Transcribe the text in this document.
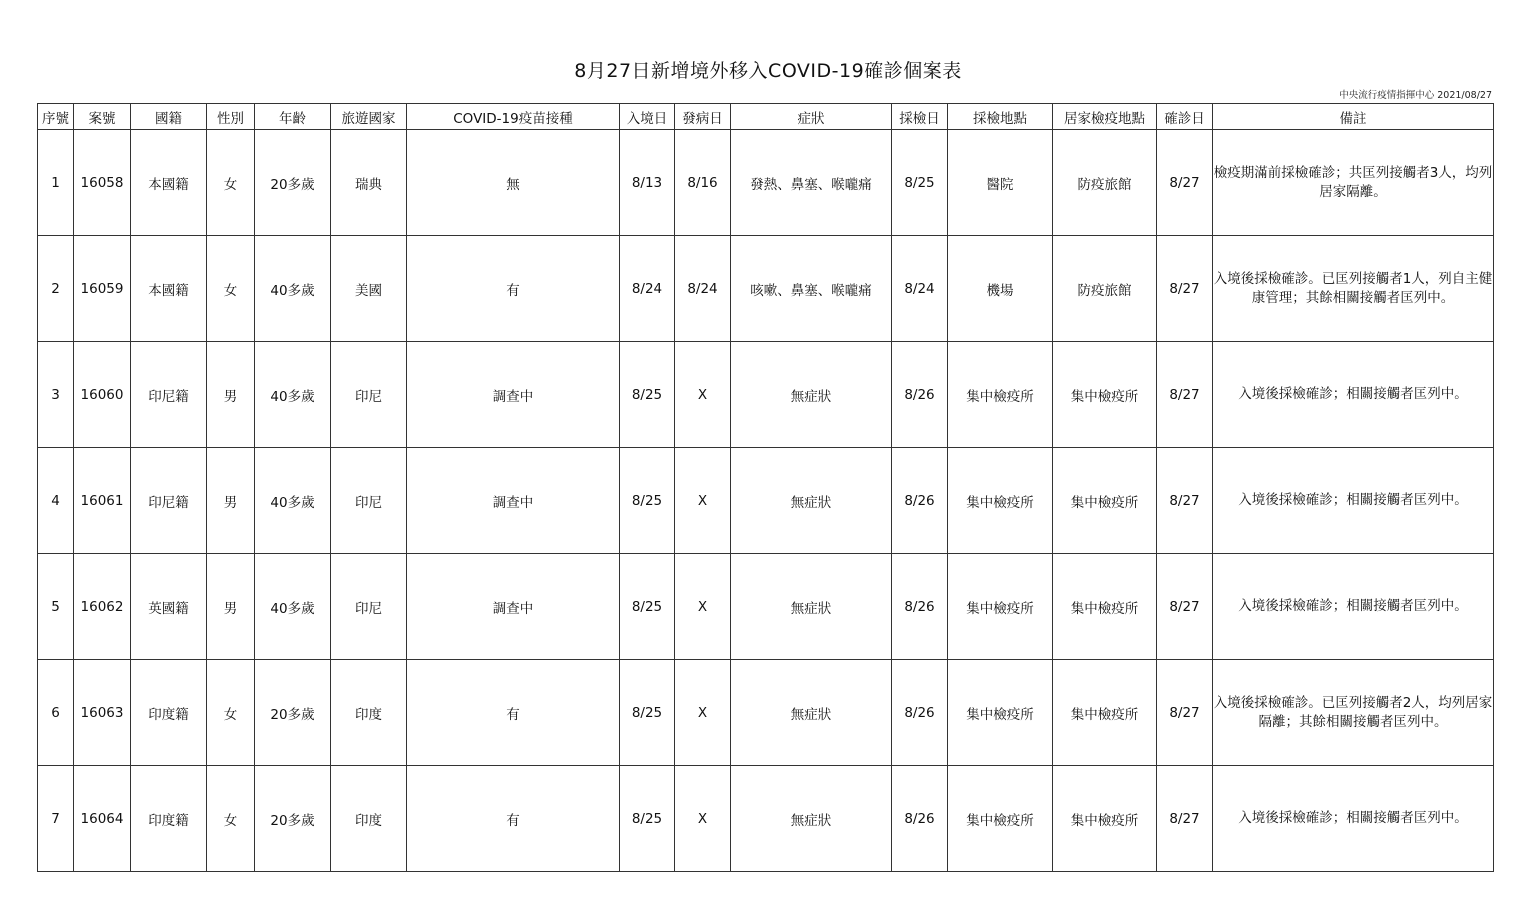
8月27日新增境外移入COVID-19確診個案表
中央流行疫情指揮中心 2021/08/27
序號	案號	國籍	性別	年齡	旅遊國家	COVID-19疫苗接種	入境日	發病日	症狀	採檢日	採檢地點	居家檢疫地點	確診日	備註
1	16058	本國籍	女	20多歲	瑞典	無	8/13	8/16	發熱、鼻塞、喉嚨痛	8/25	醫院	防疫旅館	8/27	檢疫期滿前採檢確診；共匡列接觸者3人，均列居家隔離。
2	16059	本國籍	女	40多歲	美國	有	8/24	8/24	咳嗽、鼻塞、喉嚨痛	8/24	機場	防疫旅館	8/27	入境後採檢確診。已匡列接觸者1人，列自主健康管理；其餘相關接觸者匡列中。
3	16060	印尼籍	男	40多歲	印尼	調查中	8/25	X	無症狀	8/26	集中檢疫所	集中檢疫所	8/27	入境後採檢確診；相關接觸者匡列中。
4	16061	印尼籍	男	40多歲	印尼	調查中	8/25	X	無症狀	8/26	集中檢疫所	集中檢疫所	8/27	入境後採檢確診；相關接觸者匡列中。
5	16062	英國籍	男	40多歲	印尼	調查中	8/25	X	無症狀	8/26	集中檢疫所	集中檢疫所	8/27	入境後採檢確診；相關接觸者匡列中。
6	16063	印度籍	女	20多歲	印度	有	8/25	X	無症狀	8/26	集中檢疫所	集中檢疫所	8/27	入境後採檢確診。已匡列接觸者2人，均列居家隔離；其餘相關接觸者匡列中。
7	16064	印度籍	女	20多歲	印度	有	8/25	X	無症狀	8/26	集中檢疫所	集中檢疫所	8/27	入境後採檢確診；相關接觸者匡列中。
